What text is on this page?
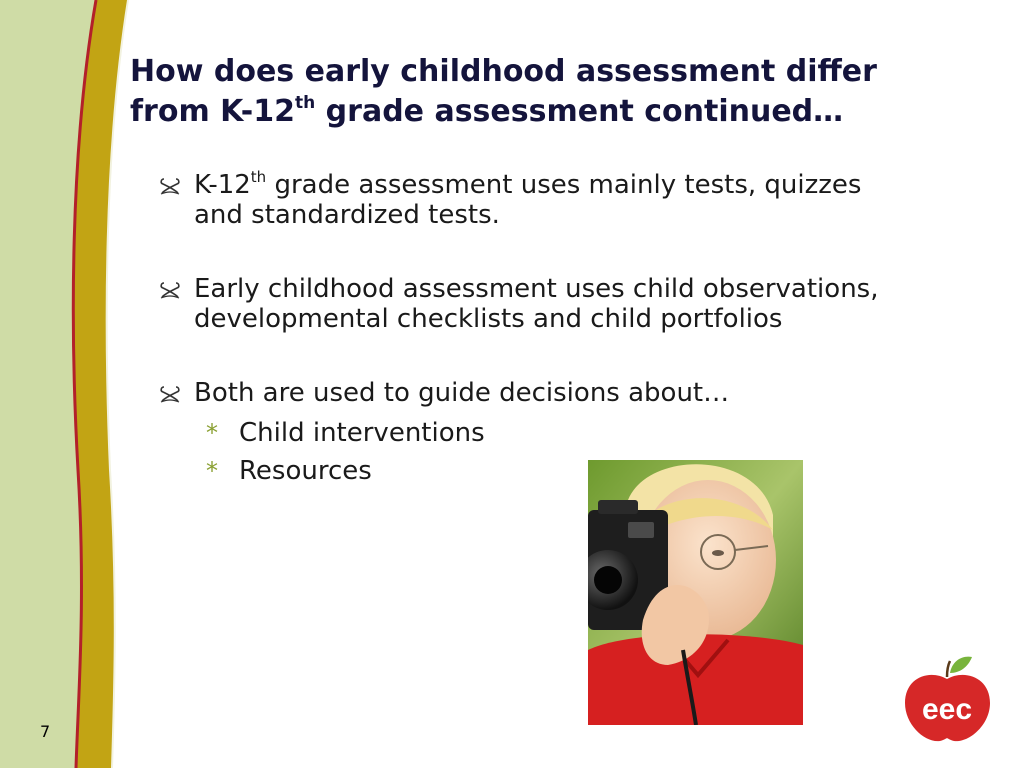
7
How does early childhood assessment differ
from K-12th grade assessment continued…
K-12th grade assessment uses mainly tests, quizzes and standardized tests.
Early childhood assessment uses child observations, developmental checklists and child portfolios
Both are used to guide decisions about…
* Child interventions
* Resources
eec
